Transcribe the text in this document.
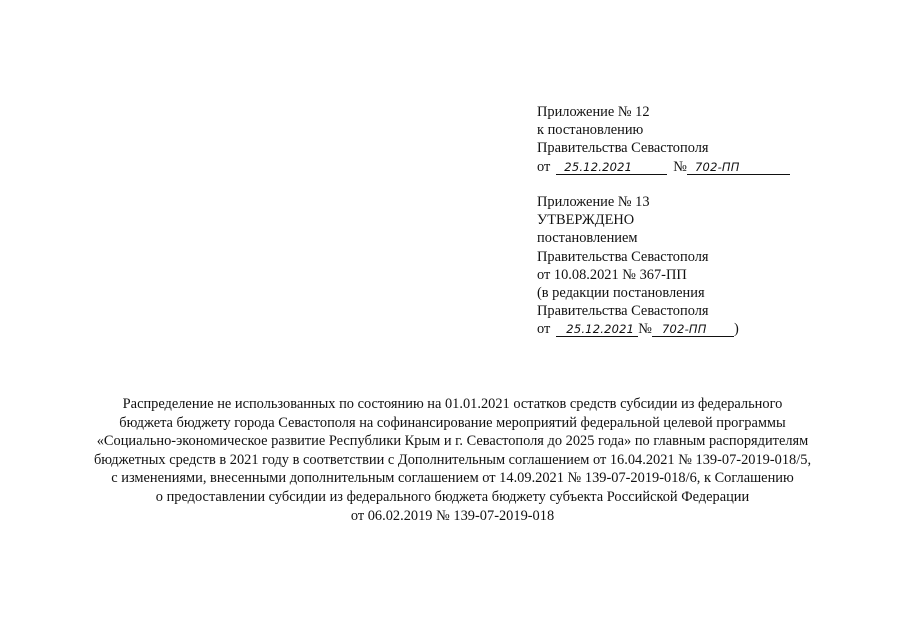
Приложение № 12
к постановлению
Правительства Севастополя
от 25.12.2021	№ 702-ПП
Приложение № 13
УТВЕРЖДЕНО
постановлением
Правительства Севастополя
от 10.08.2021 № 367-ПП
(в редакции постановления
Правительства Севастополя
от 25.12.2021 № 702-ПП )
Распределение не использованных по состоянию на 01.01.2021 остатков средств субсидии из федерального
бюджета бюджету города Севастополя на софинансирование мероприятий федеральной целевой программы
«Социально-экономическое развитие Республики Крым и г. Севастополя до 2025 года» по главным распорядителям
бюджетных средств в 2021 году в соответствии с Дополнительным соглашением от 16.04.2021 № 139-07-2019-018/5,
с изменениями, внесенными дополнительным соглашением от 14.09.2021 № 139-07-2019-018/6, к Соглашению
о предоставлении субсидии из федерального бюджета бюджету субъекта Российской Федерации
от 06.02.2019 № 139-07-2019-018
